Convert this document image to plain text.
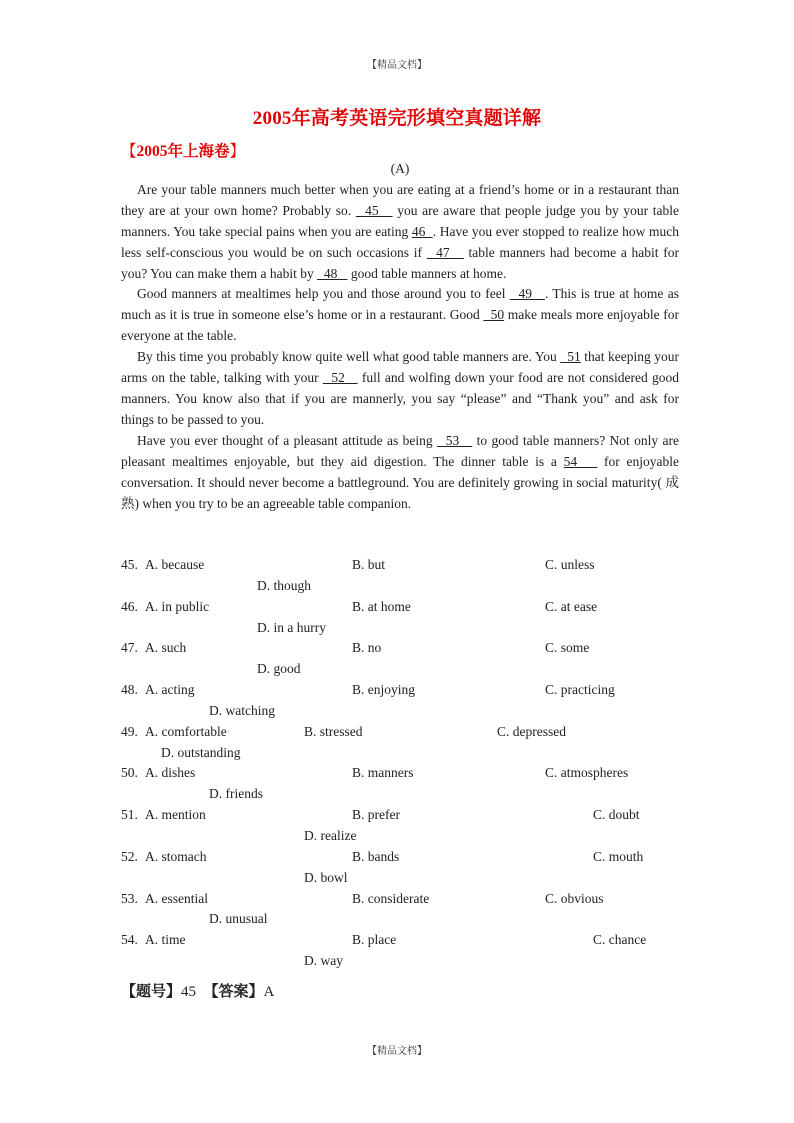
【精品文档】
2005年高考英语完形填空真题详解
【2005年上海卷】
(A)

Are your table manners much better when you are eating at a friend’s home or in a restaurant than they are at your own home? Probably so.   45    you are aware that people judge you by your table manners. You take special pains when you are eating 46  . Have you ever stopped to realize how much less self-conscious you would be on such occasions if   47    table manners had become a habit for you? You can make them a habit by   48    good table manners at home.

Good manners at mealtimes help you and those around you to feel   49   . This is true at home as much as it is true in someone else’s home or in a restaurant. Good   50 make meals more enjoyable for everyone at the table.

By this time you probably know quite well what good table manners are. You   51 that keeping your arms on the table, talking with your   52    full and wolfing down your food are not considered good manners. You know also that if you are mannerly, you say “please” and “Thank you” and ask for things to be passed to you.

Have you ever thought of a pleasant attitude as being   53    to good table manners? Not only are pleasant mealtimes enjoyable, but they aid digestion. The dinner table is a 54    for enjoyable conversation. It should never become a battleground. You are definitely growing in social maturity( 成熟) when you try to be an agreeable table companion.

45. A. because	B. but	C. unless
D. though
46. A. in public	B. at home	C. at ease
D. in a hurry
47. A. such	B. no	C. some
D. good
48. A. acting	B. enjoying	C. practicing
D. watching
49. A. comfortable	B. stressed	C. depressed
D. outstanding
50. A. dishes	B. manners	C. atmospheres
D. friends
51. A. mention	B. prefer	C. doubt
D. realize
52. A. stomach	B. bands	C. mouth
D. bowl
53. A. essential	B. considerate	C. obvious
D. unusual
54. A. time	B. place	C. chance
D. way
【题号】45 【答案】A
【精品文档】
